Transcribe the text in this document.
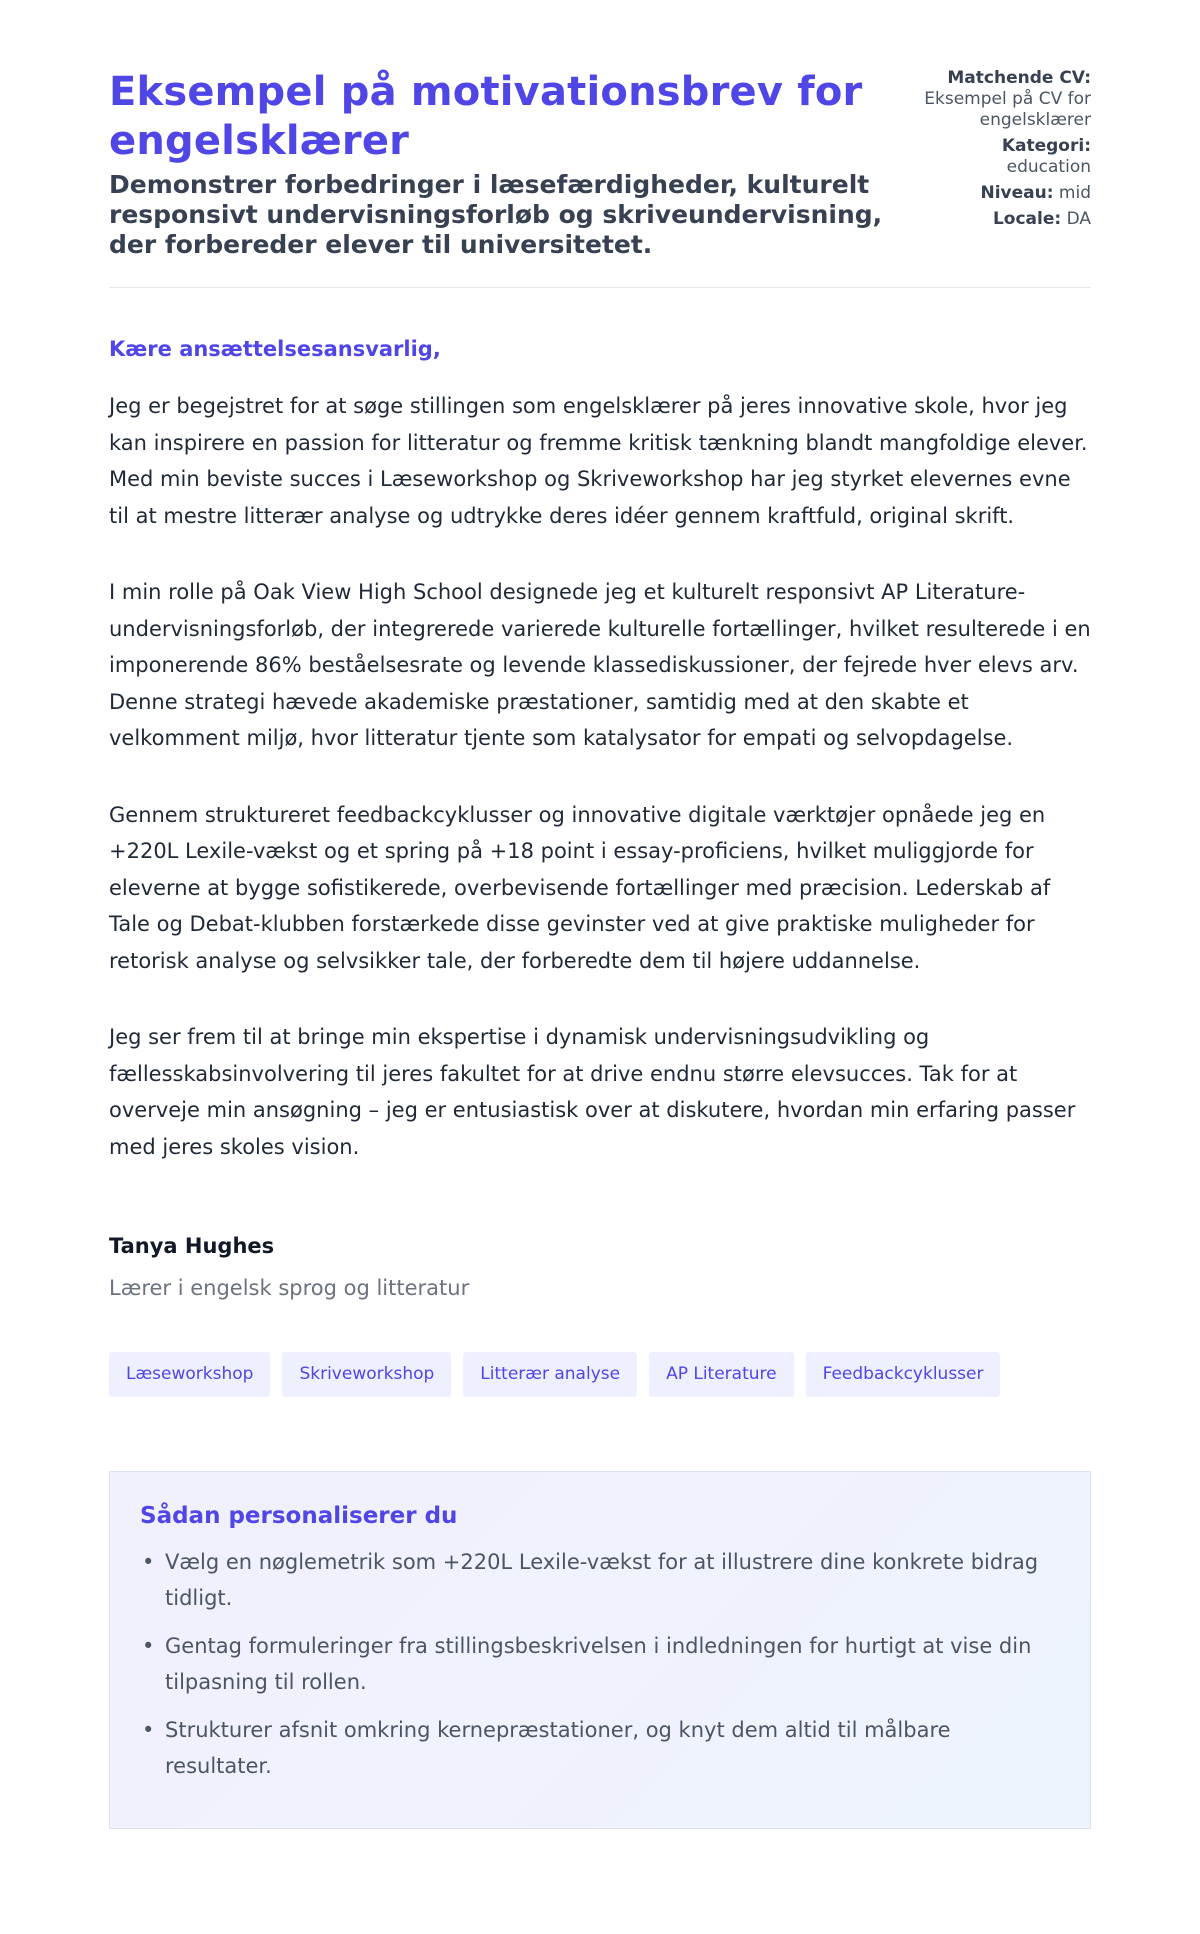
Eksempel på motivationsbrev for engelsklærer
Demonstrer forbedringer i læsefærdigheder, kulturelt responsivt undervisningsforløb og skriveundervisning, der forbereder elever til universitetet.
Matchende CV:
Eksempel på CV for engelsklærer
Kategori:
education
Niveau: mid
Locale: DA

Kære ansættelsesansvarlig,

Jeg er begejstret for at søge stillingen som engelsklærer på jeres innovative skole, hvor jeg kan inspirere en passion for litteratur og fremme kritisk tænkning blandt mangfoldige elever. Med min beviste succes i Læseworkshop og Skriveworkshop har jeg styrket elevernes evne til at mestre litterær analyse og udtrykke deres idéer gennem kraftfuld, original skrift.

I min rolle på Oak View High School designede jeg et kulturelt responsivt AP Literature-undervisningsforløb, der integrerede varierede kulturelle fortællinger, hvilket resulterede i en imponerende 86% beståelsesrate og levende klassediskussioner, der fejrede hver elevs arv. Denne strategi hævede akademiske præstationer, samtidig med at den skabte et velkomment miljø, hvor litteratur tjente som katalysator for empati og selvopdagelse.

Gennem struktureret feedbackcyklusser og innovative digitale værktøjer opnåede jeg en +220L Lexile-vækst og et spring på +18 point i essay-proficiens, hvilket muliggjorde for eleverne at bygge sofistikerede, overbevisende fortællinger med præcision. Lederskab af Tale og Debat-klubben forstærkede disse gevinster ved at give praktiske muligheder for retorisk analyse og selvsikker tale, der forberedte dem til højere uddannelse.

Jeg ser frem til at bringe min ekspertise i dynamisk undervisningsudvikling og fællesskabsinvolvering til jeres fakultet for at drive endnu større elevsucces. Tak for at overveje min ansøgning – jeg er entusiastisk over at diskutere, hvordan min erfaring passer med jeres skoles vision.

Tanya Hughes

Lærer i engelsk sprog og litteratur

Læseworkshop	Skriveworkshop	Litterær analyse	AP Literature	Feedbackcyklusser
Sådan personaliserer du
• Vælg en nøglemetrik som +220L Lexile-vækst for at illustrere dine konkrete bidrag tidligt.
• Gentag formuleringer fra stillingsbeskrivelsen i indledningen for hurtigt at vise din tilpasning til rollen.
• Strukturer afsnit omkring kernepræstationer, og knyt dem altid til målbare resultater.
